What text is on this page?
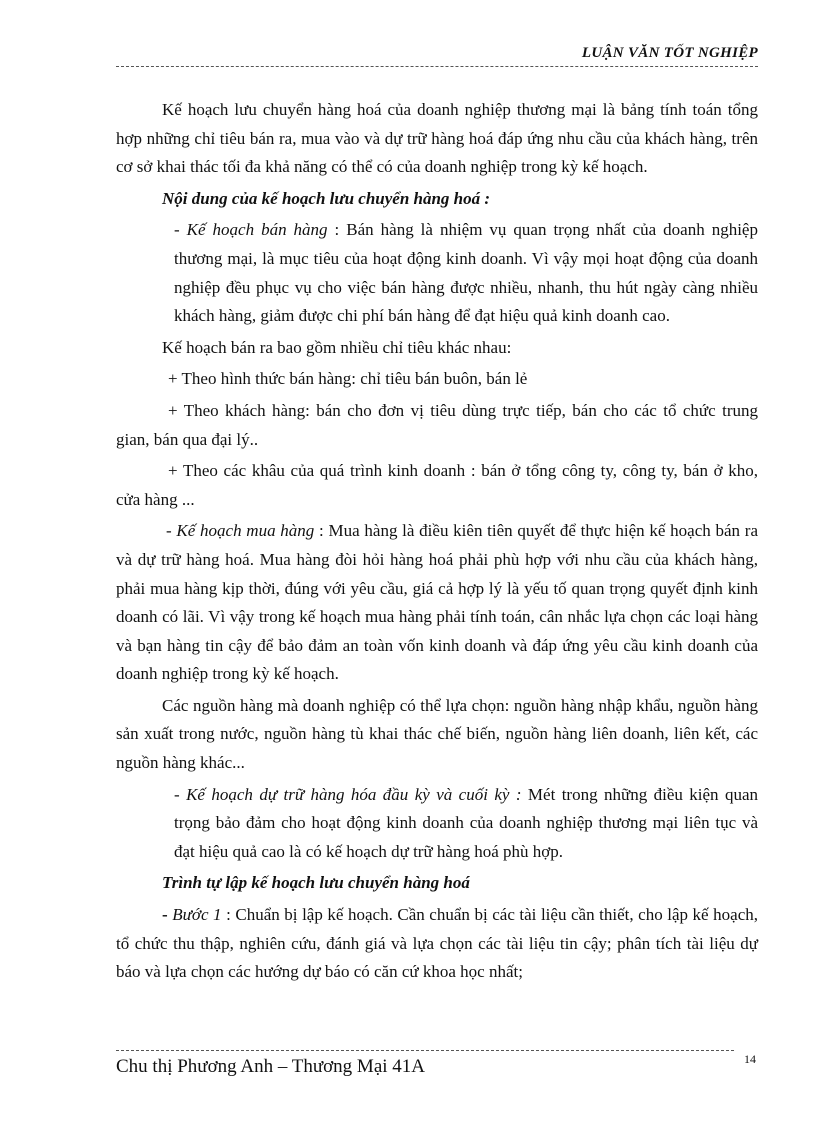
LUẬN VĂN TỐT NGHIỆP

Kế hoạch lưu chuyển hàng hoá của doanh nghiệp thương mại là bảng tính toán tổng hợp những chỉ tiêu bán ra, mua vào và dự trữ hàng hoá đáp ứng nhu cầu của khách hàng, trên cơ sở khai thác tối đa khả năng có thể có của doanh nghiệp trong kỳ kế hoạch.

Nội dung của kế hoạch lưu chuyển hàng hoá :

- Kế hoạch bán hàng : Bán hàng là nhiệm vụ quan trọng nhất của doanh nghiệp thương mại, là mục tiêu của hoạt động kinh doanh. Vì vậy mọi hoạt động của doanh nghiệp đều phục vụ cho việc bán hàng được nhiều, nhanh, thu hút ngày càng nhiều khách hàng, giảm được chi phí bán hàng để đạt hiệu quả kinh doanh cao.

Kế hoạch bán ra bao gồm nhiều chỉ tiêu khác nhau:

+ Theo hình thức bán hàng: chỉ tiêu bán buôn, bán lẻ

+ Theo khách hàng: bán cho đơn vị tiêu dùng trực tiếp, bán cho các tổ chức trung gian, bán qua đại lý..

+ Theo các khâu của quá trình kinh doanh : bán ở tổng công ty, công ty, bán ở kho, cửa hàng ...

- Kế hoạch mua hàng : Mua hàng là điều kiên tiên quyết để thực hiện kế hoạch bán ra và dự trữ hàng hoá. Mua hàng đòi hỏi hàng hoá phải phù hợp với nhu cầu của khách hàng, phải mua hàng kịp thời, đúng với yêu cầu, giá cả hợp lý là yếu tố quan trọng quyết định kinh doanh có lãi. Vì vậy trong kế hoạch mua hàng phải tính toán, cân nhắc lựa chọn các loại hàng và bạn hàng tin cậy để bảo đảm an toàn vốn kinh doanh và đáp ứng yêu cầu kinh doanh của doanh nghiệp trong kỳ kế hoạch.

Các nguồn hàng mà doanh nghiệp có thể lựa chọn: nguồn hàng nhập khẩu, nguồn hàng sản xuất trong nước, nguồn hàng tù khai thác chế biến, nguồn hàng liên doanh, liên kết, các nguồn hàng khác...

- Kế hoạch dự trữ hàng hóa đầu kỳ và cuối kỳ : Mét trong những điều kiện quan trọng bảo đảm cho hoạt động kinh doanh của doanh nghiệp thương mại liên tục và đạt hiệu quả cao là có kế hoạch dự trữ hàng hoá phù hợp.

Trình tự lập kế hoạch lưu chuyển hàng hoá

- Bước 1 : Chuẩn bị lập kế hoạch. Cần chuẩn bị các tài liệu cần thiết, cho lập kế hoạch, tổ chức thu thập, nghiên cứu, đánh giá và lựa chọn các tài liệu tin cậy; phân tích tài liệu dự báo và lựa chọn các hướng dự báo có căn cứ khoa học nhất;

Chu thị Phương Anh – Thương Mại 41A	14
